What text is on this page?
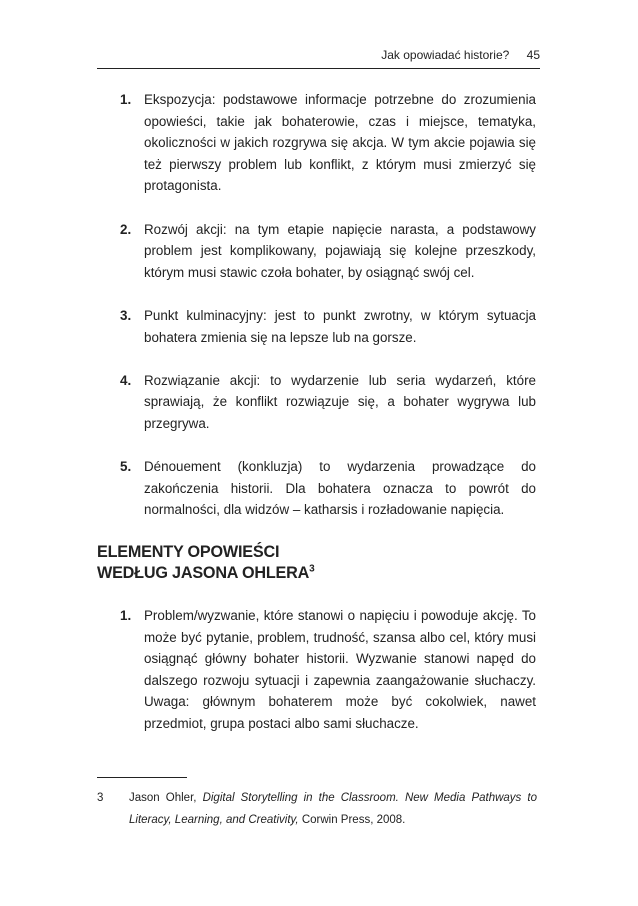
Jak opowiadać historie? 45
1. Ekspozycja: podstawowe informacje potrzebne do zrozumienia opowieści, takie jak bohaterowie, czas i miejsce, tematyka, okoliczności w jakich rozgrywa się akcja. W tym akcie pojawia się też pierwszy problem lub konflikt, z którym musi zmierzyć się protagonista.

2. Rozwój akcji: na tym etapie napięcie narasta, a podstawowy problem jest komplikowany, pojawiają się kolejne przeszkody, którym musi stawic czoła bohater, by osiągnąć swój cel.

3. Punkt kulminacyjny: jest to punkt zwrotny, w którym sytuacja bohatera zmienia się na lepsze lub na gorsze.

4. Rozwiązanie akcji: to wydarzenie lub seria wydarzeń, które sprawiają, że konflikt rozwiązuje się, a bohater wygrywa lub przegrywa.

5. Dénouement (konkluzja) to wydarzenia prowadzące do zakończenia historii. Dla bohatera oznacza to powrót do normalności, dla widzów – katharsis i rozładowanie napięcia.

ELEMENTY OPOWIEŚCI
WEDŁUG JASONA OHLERA$^3$
1. Problem/wyzwanie, które stanowi o napięciu i powoduje akcję. To może być pytanie, problem, trudność, szansa albo cel, który musi osiągnąć główny bohater historii. Wyzwanie stanowi napęd do dalszego rozwoju sytuacji i zapewnia zaangażowanie słuchaczy. Uwaga: głównym bohaterem może być cokolwiek, nawet przedmiot, grupa postaci albo sami słuchacze.

3 Jason Ohler, Digital Storytelling in the Classroom. New Media Pathways to Literacy, Learning, and Creativity, Corwin Press, 2008.
